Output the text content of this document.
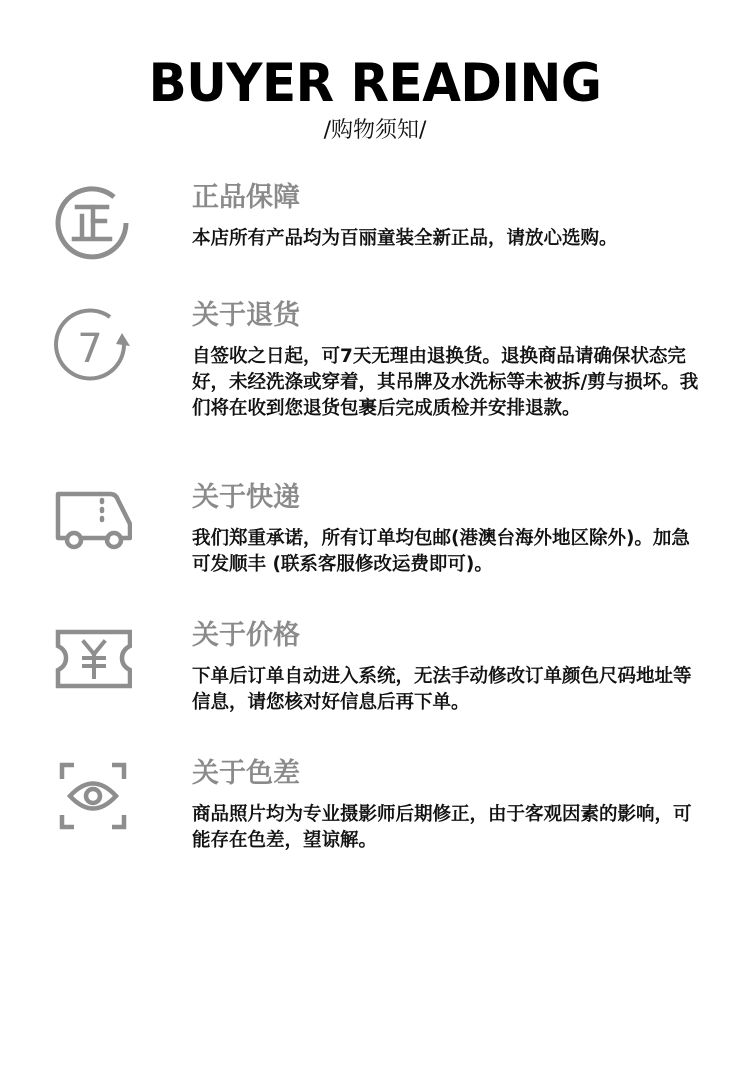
BUYER READING
/购物须知/
正品保障
本店所有产品均为百丽童装全新正品，请放心选购。
7
关于退货
自签收之日起，可7天无理由退换货。退换商品请确保状态完好，未经洗涤或穿着，其吊牌及水洗标等未被拆/剪与损坏。我们将在收到您退货包裹后完成质检并安排退款。
关于快递
我们郑重承诺，所有订单均包邮(港澳台海外地区除外)。加急可发顺丰 (联系客服修改运费即可)。
关于价格
下单后订单自动进入系统，无法手动修改订单颜色尺码地址等信息，请您核对好信息后再下单。
关于色差
商品照片均为专业摄影师后期修正，由于客观因素的影响，可能存在色差，望谅解。
